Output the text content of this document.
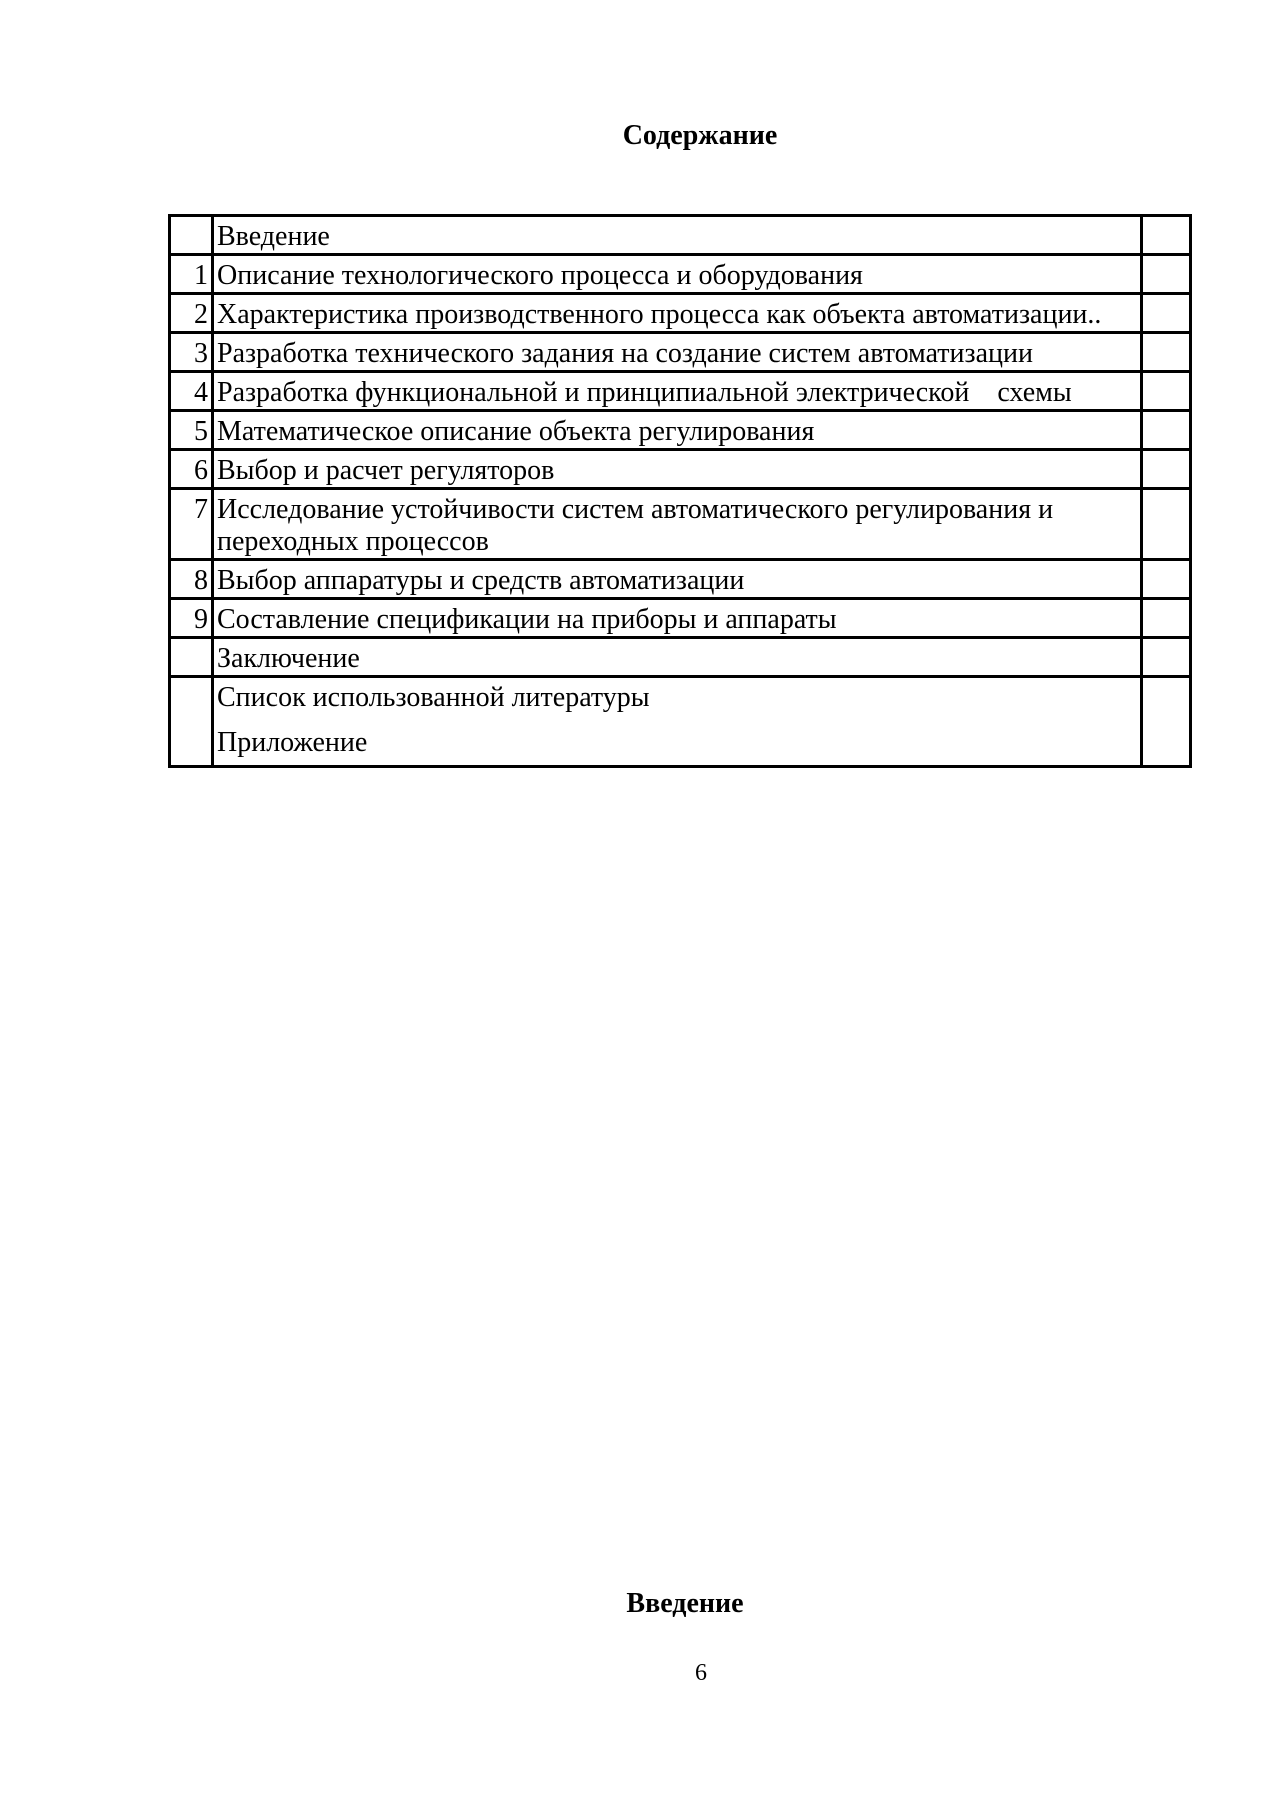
Содержание
	Введение	
1	Описание технологического процесса и оборудования	
2	Характеристика производственного процесса как объекта автоматизации..	
3	Разработка технического задания на создание систем автоматизации	
4	Разработка функциональной и принципиальной электрической    схемы	
5	Математическое описание объекта регулирования	
6	Выбор и расчет регуляторов	
7	Исследование устойчивости систем автоматического регулирования и переходных процессов	
8	Выбор аппаратуры и средств автоматизации	
9	Составление спецификации на приборы и аппараты	
	Заключение	

	Список использованной литературы
Приложение	

Введение
6
